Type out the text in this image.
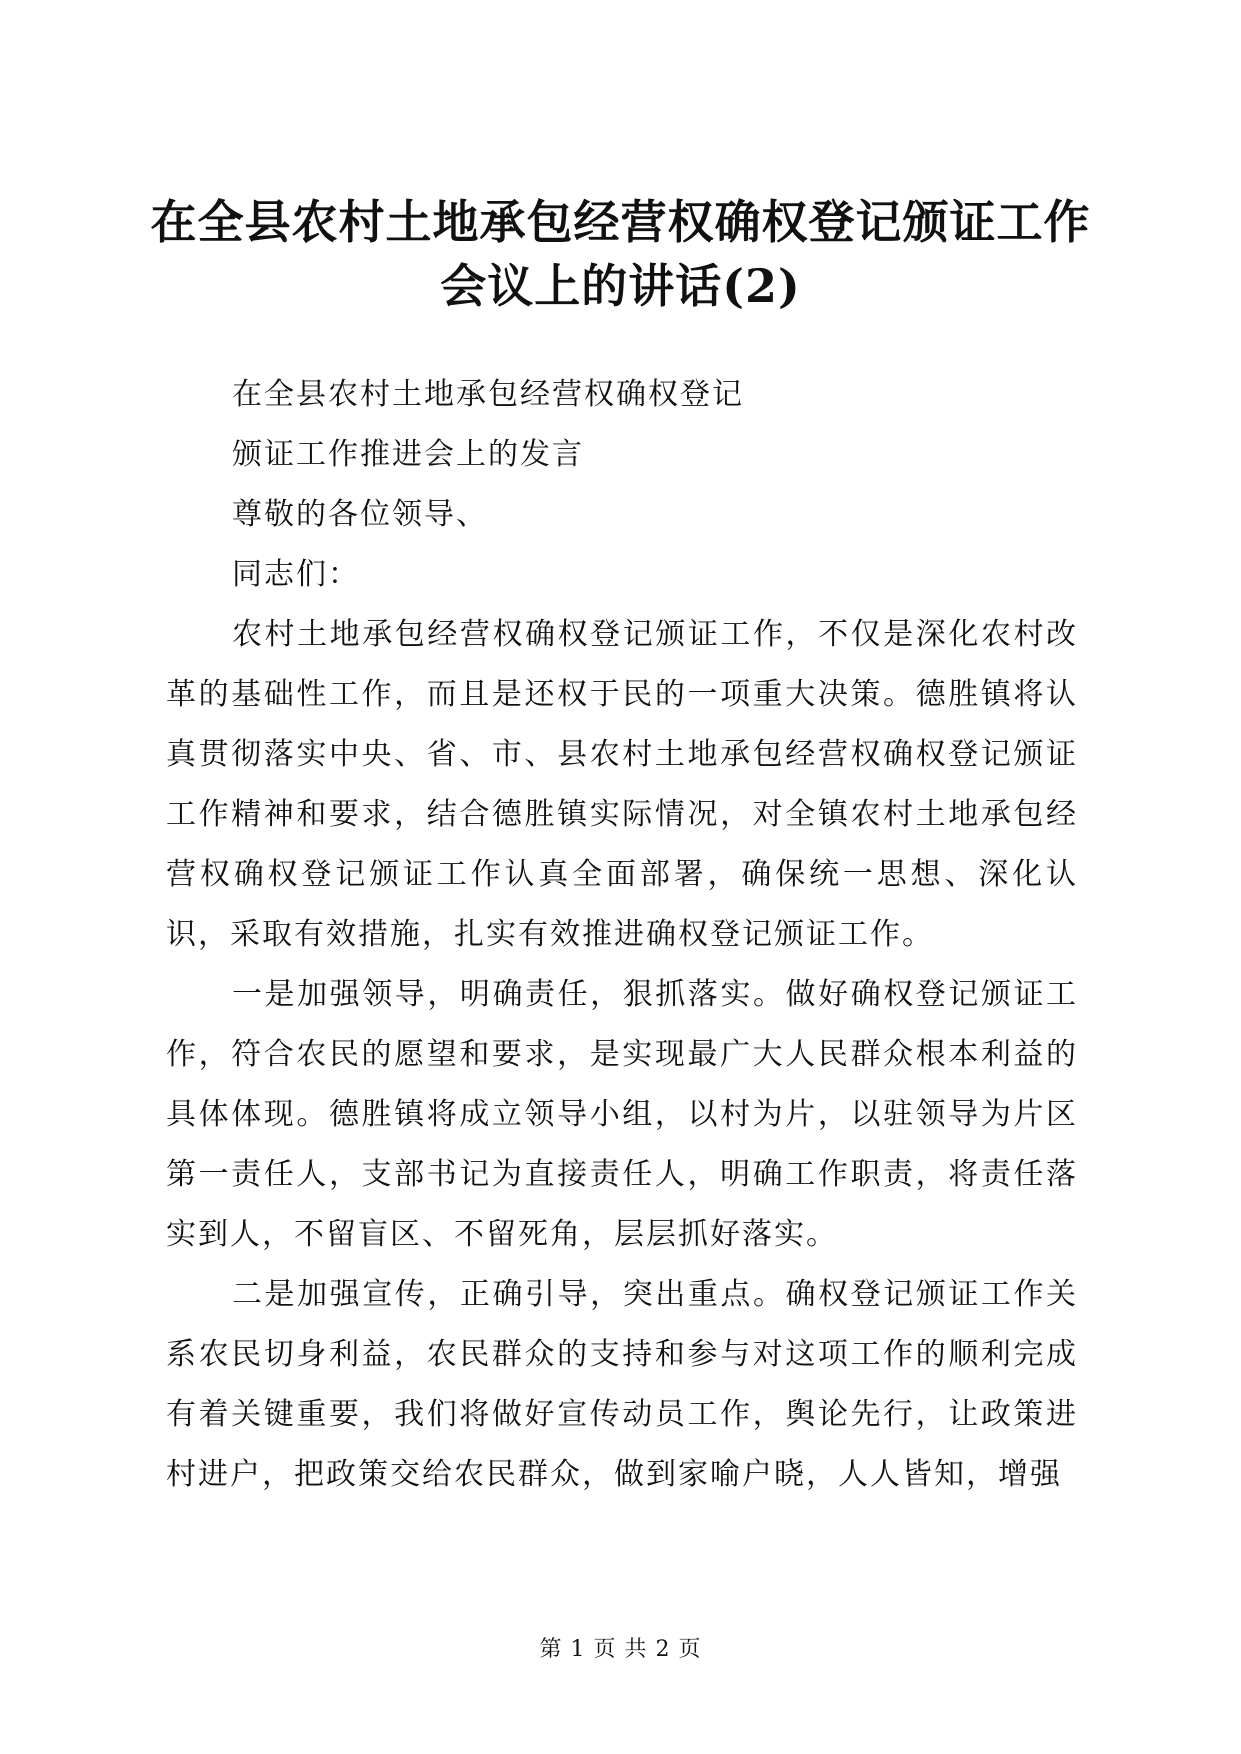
在全县农村土地承包经营权确权登记颁证工作
会议上的讲话(2)

在全县农村土地承包经营权确权登记

颁证工作推进会上的发言

尊敬的各位领导、

同志们：

农村土地承包经营权确权登记颁证工作，不仅是深化农村改革的基础性工作，而且是还权于民的一项重大决策。德胜镇将认真贯彻落实中央、省、市、县农村土地承包经营权确权登记颁证工作精神和要求，结合德胜镇实际情况，对全镇农村土地承包经营权确权登记颁证工作认真全面部署，确保统一思想、深化认识，采取有效措施，扎实有效推进确权登记颁证工作。

一是加强领导，明确责任，狠抓落实。做好确权登记颁证工作，符合农民的愿望和要求，是实现最广大人民群众根本利益的具体体现。德胜镇将成立领导小组，以村为片，以驻领导为片区第一责任人，支部书记为直接责任人，明确工作职责，将责任落实到人，不留盲区、不留死角，层层抓好落实。

二是加强宣传，正确引导，突出重点。确权登记颁证工作关系农民切身利益，农民群众的支持和参与对这项工作的顺利完成有着关键重要，我们将做好宣传动员工作，舆论先行，让政策进村进户，把政策交给农民群众，做到家喻户晓，人人皆知，增强

第 1 页 共 2 页
